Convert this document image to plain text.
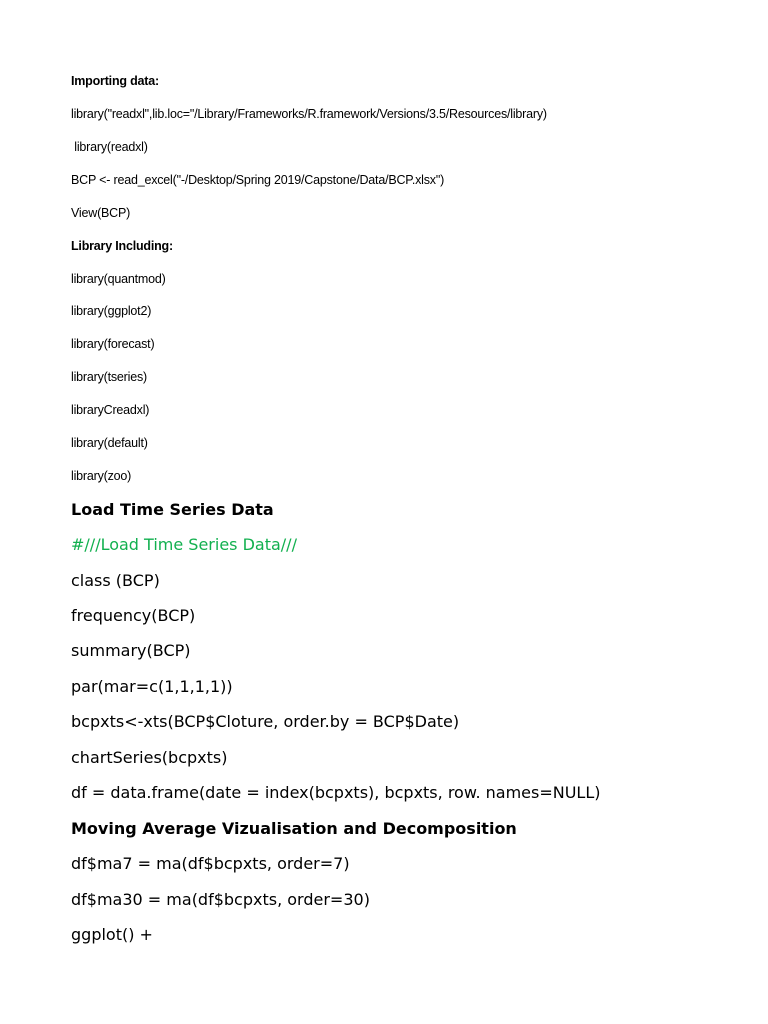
Importing data:
library("readxl",lib.loc="/Library/Frameworks/R.framework/Versions/3.5/Resources/library)
library(readxl)
BCP <- read_excel("-/Desktop/Spring 2019/Capstone/Data/BCP.xlsx")
View(BCP)
Library Including:
library(quantmod)
library(ggplot2)
library(forecast)
library(tseries)
libraryCreadxl)
library(default)
library(zoo)
Load Time Series Data
#///Load Time Series Data///
class (BCP)
frequency(BCP)
summary(BCP)
par(mar=c(1,1,1,1))
bcpxts<-xts(BCP$Cloture, order.by = BCP$Date)
chartSeries(bcpxts)
df = data.frame(date = index(bcpxts), bcpxts, row. names=NULL)
Moving Average Vizualisation and Decomposition
df$ma7 = ma(df$bcpxts, order=7)
df$ma30 = ma(df$bcpxts, order=30)
ggplot() +
